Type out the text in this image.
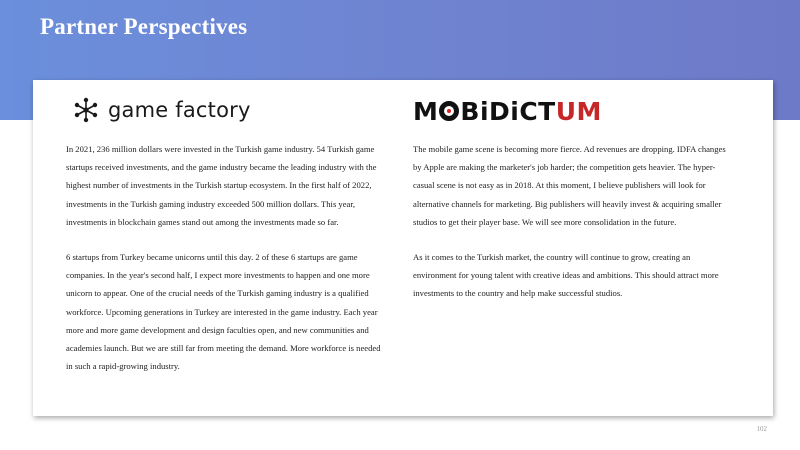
Partner Perspectives
game factory	M BiDiCT UM

In 2021, 236 million dollars were invested in the Turkish game industry. 54 Turkish game startups received investments, and the game industry became the leading industry with the highest number of investments in the Turkish startup ecosystem. In the first half of 2022, investments in the Turkish gaming industry exceeded 500 million dollars. This year, investments in blockchain games stand out among the investments made so far.

6 startups from Turkey became unicorns until this day. 2 of these 6 startups are game companies. In the year's second half, I expect more investments to happen and one more unicorn to appear. One of the crucial needs of the Turkish gaming industry is a qualified workforce. Upcoming generations in Turkey are interested in the game industry. Each year more and more game development and design faculties open, and new communities and academies launch. But we are still far from meeting the demand. More workforce is needed in such a rapid-growing industry.

The mobile game scene is becoming more fierce. Ad revenues are dropping. IDFA changes by Apple are making the marketer's job harder; the competition gets heavier. The hyper-casual scene is not easy as in 2018. At this moment, I believe publishers will look for alternative channels for marketing. Big publishers will heavily invest & acquiring smaller studios to get their player base. We will see more consolidation in the future.

As it comes to the Turkish market, the country will continue to grow, creating an environment for young talent with creative ideas and ambitions. This should attract more investments to the country and help make successful studios.

102
